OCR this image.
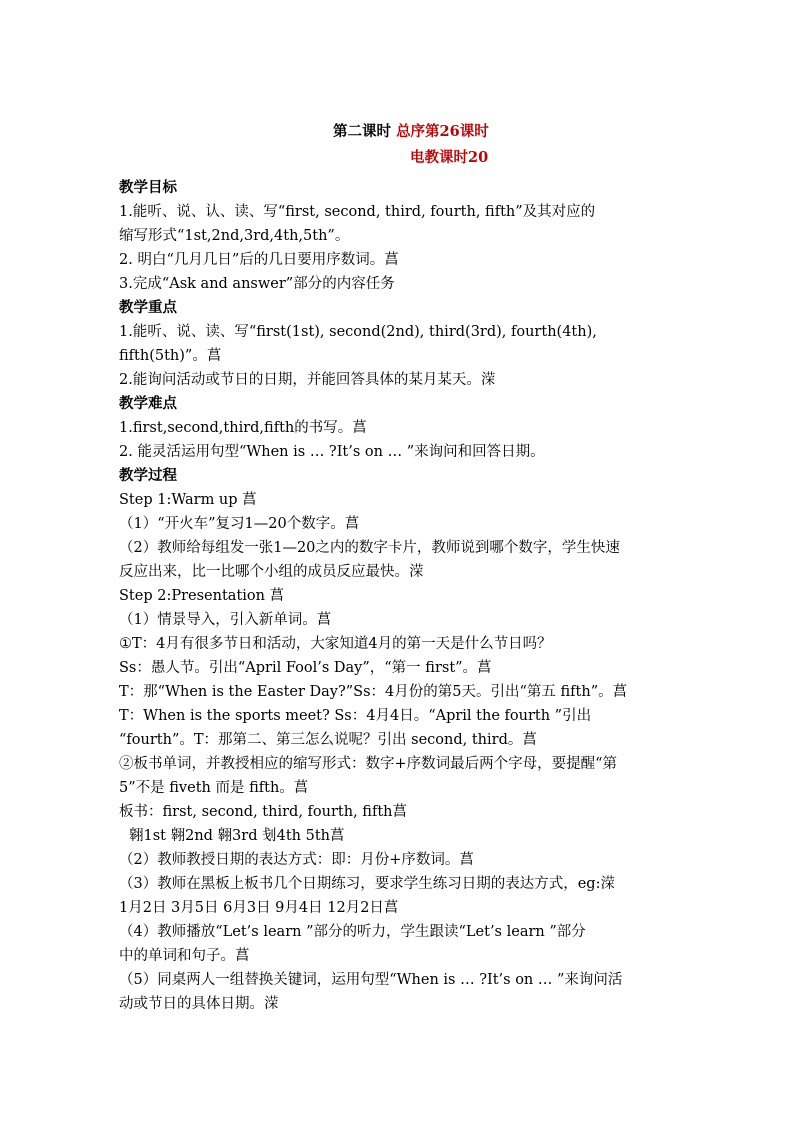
第二课时 总序第26课时
电教课时20
教学目标
1.能听、说、认、读、写“first, second, third, fourth, fifth”及其对应的
缩写形式“1st,2nd,3rd,4th,5th”。
2. 明白“几月几日”后的几日要用序数词。菖
3.完成“Ask and answer”部分的内容任务
教学重点
1.能听、说、读、写“first(1st), second(2nd), third(3rd), fourth(4th),
fifth(5th)”。菖
2.能询问活动或节日的日期，并能回答具体的某月某天。溁
教学难点
1.first,second,third,fifth的书写。菖
2. 能灵活运用句型“When is … ?It’s on … ”来询问和回答日期。
教学过程
Step 1:Warm up 菖
（1）“开火车”复习1—20个数字。菖
（2）教师给每组发一张1—20之内的数字卡片，教师说到哪个数字，学生快速
反应出来，比一比哪个小组的成员反应最快。溁
Step 2:Presentation 菖
（1）情景导入，引入新单词。菖
①T：4月有很多节日和活动，大家知道4月的第一天是什么节日吗？
Ss：愚人节。引出“April Fool’s Day”，“第一 first”。菖
T：那“When is the Easter Day?”Ss：4月份的第5天。引出“第五 fifth”。菖
T：When is the sports meet? Ss：4月4日。“April the fourth ”引出
“fourth”。T：那第二、第三怎么说呢？引出 second, third。菖
②板书单词，并教授相应的缩写形式：数字+序数词最后两个字母，要提醒“第
5”不是 fiveth 而是 fifth。菖
板书：first, second, third, fourth, fifth菖
翱1st 翱2nd 翱3rd 刬4th 5th菖
（2）教师教授日期的表达方式：即：月份+序数词。菖
（3）教师在黑板上板书几个日期练习，要求学生练习日期的表达方式，eg:溁
1月2日 3月5日 6月3日 9月4日 12月2日菖
（4）教师播放“Let’s learn ”部分的听力，学生跟读“Let’s learn ”部分
中的单词和句子。菖
（5）同桌两人一组替换关键词，运用句型“When is … ?It’s on … ”来询问活
动或节日的具体日期。溁
